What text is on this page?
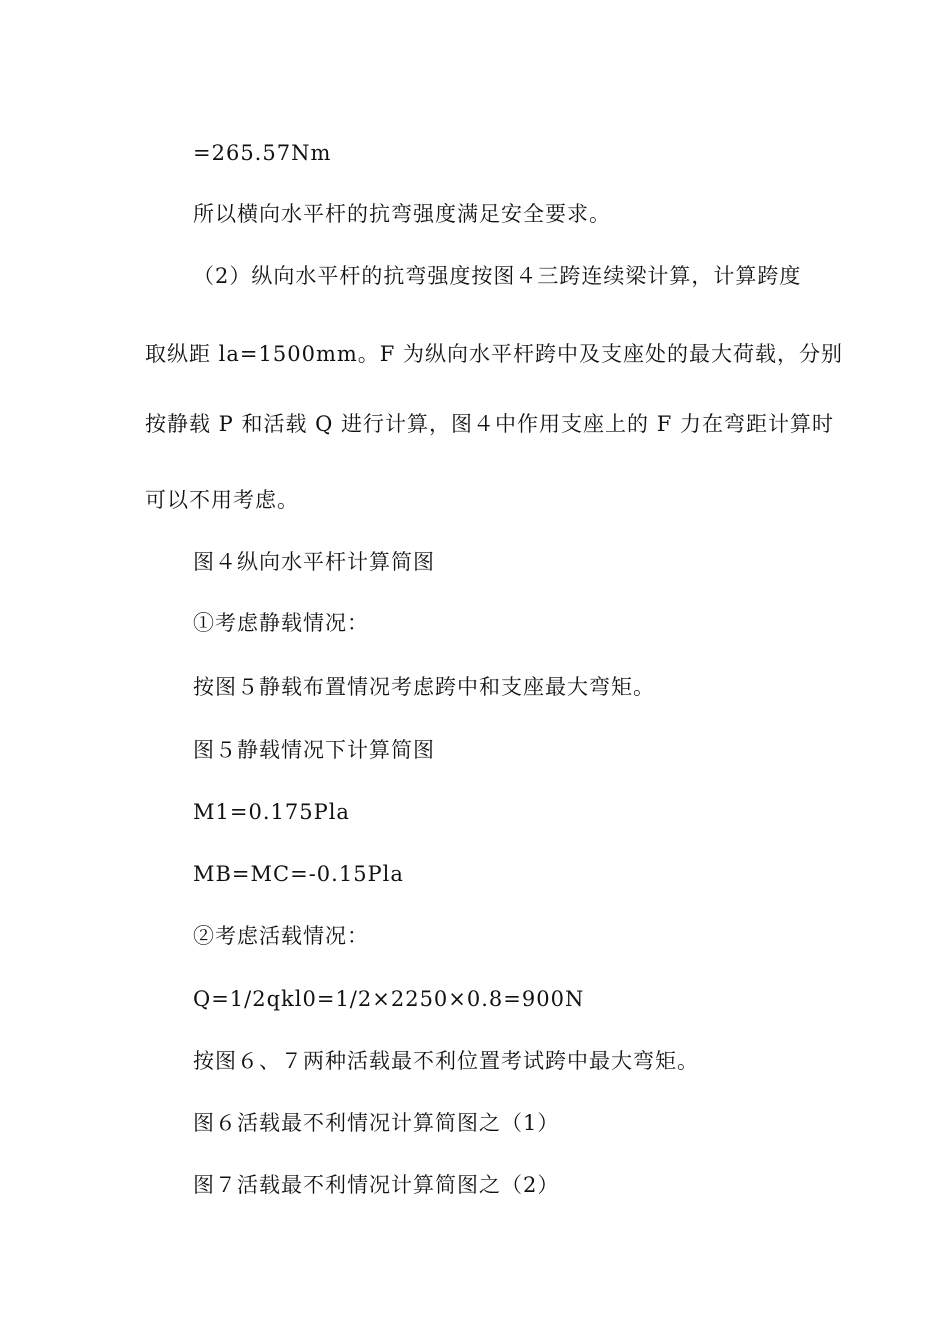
=265.57Nm
所以横向水平杆的抗弯强度满足安全要求。
（2）纵向水平杆的抗弯强度按图４三跨连续梁计算，计算跨度
取纵距 la=1500mm。F 为纵向水平杆跨中及支座处的最大荷载，分别
按静载 P 和活载 Q 进行计算，图４中作用支座上的 F 力在弯距计算时
可以不用考虑。
图４纵向水平杆计算简图
①考虑静载情况：
按图５静载布置情况考虑跨中和支座最大弯矩。
图５静载情况下计算简图
M1=0.175Pla
MB=MC=-0.15Pla
②考虑活载情况：
Q=1/2qkl0=1/2×2250×0.8=900N
按图６、７两种活载最不利位置考试跨中最大弯矩。
图６活载最不利情况计算简图之（1）
图７活载最不利情况计算简图之（2）
